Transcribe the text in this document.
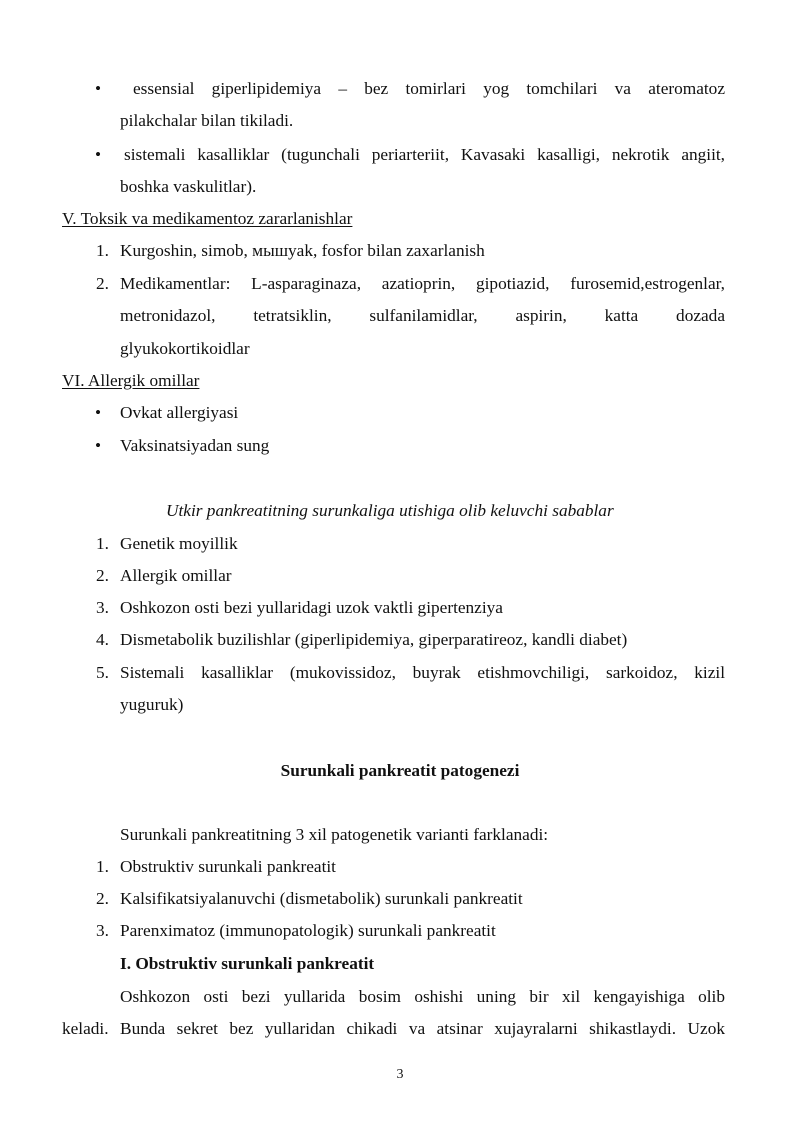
• essensial giperlipidemiya – bez tomirlari yog tomchilari va ateromatoz
pilakchalar bilan tikiladi.
• sistemali kasalliklar (tugunchali periarteriit, Kavasaki kasalligi, nekrotik angiit,
boshka vaskulitlar).
V. Toksik va medikamentoz zararlanishlar
1. Kurgoshin, simob, мышyak, fosfor bilan zaxarlanish
2. Medikamentlar: L-asparaginaza, azatioprin, gipotiazid, furosemid,estrogenlar,
metronidazol, tetratsiklin, sulfanilamidlar, aspirin, katta dozada
glyukokortikoidlar
VI. Allergik omillar
• Ovkat allergiyasi
• Vaksinatsiyadan sung
Utkir pankreatitning surunkaliga utishiga olib keluvchi sabablar
1. Genetik moyillik
2. Allergik omillar
3. Oshkozon osti bezi yullaridagi uzok vaktli gipertenziya
4. Dismetabolik buzilishlar (giperlipidemiya, giperparatireoz, kandli diabet)
5. Sistemali kasalliklar (mukovissidoz, buyrak etishmovchiligi, sarkoidoz, kizil
yuguruk)
Surunkali pankreatit patogenezi
Surunkali pankreatitning 3 xil patogenetik varianti farklanadi:
1. Obstruktiv surunkali pankreatit
2. Kalsifikatsiyalanuvchi (dismetabolik) surunkali pankreatit
3. Parenximatoz (immunopatologik) surunkali pankreatit
I. Obstruktiv surunkali pankreatit
Oshkozon osti bezi yullarida bosim oshishi uning bir xil kengayishiga olib
keladi. Bunda sekret bez yullaridan chikadi va atsinar xujayralarni shikastlaydi. Uzok
3
